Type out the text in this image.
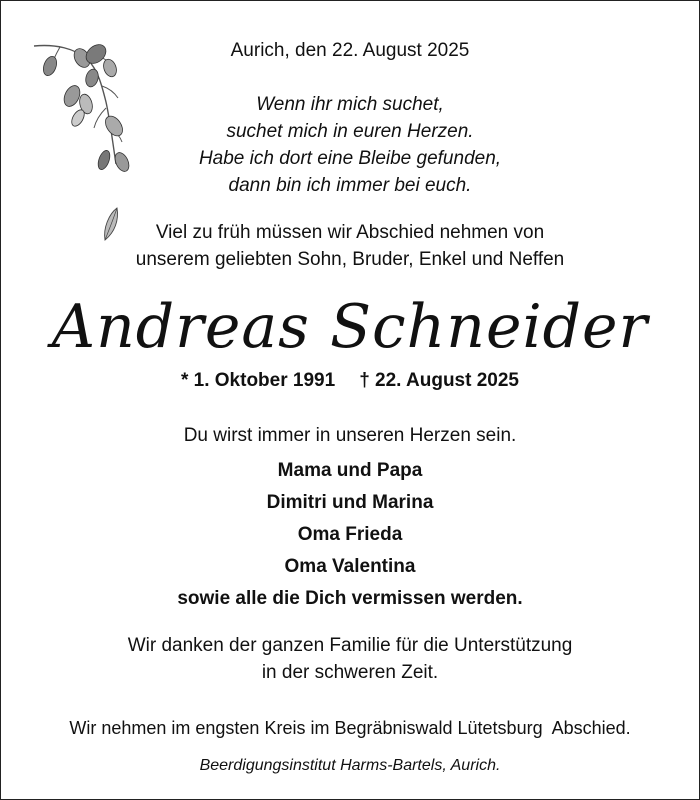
Aurich, den 22. August 2025
Wenn ihr mich suchet,
suchet mich in euren Herzen.
Habe ich dort eine Bleibe gefunden,
dann bin ich immer bei euch.
Viel zu früh müssen wir Abschied nehmen von
unserem geliebten Sohn, Bruder, Enkel und Neffen
Andreas Schneider
* 1. Oktober 1991 † 22. August 2025
Du wirst immer in unseren Herzen sein.
Mama und Papa
Dimitri und Marina
Oma Frieda
Oma Valentina
sowie alle die Dich vermissen werden.
Wir danken der ganzen Familie für die Unterstützung
in der schweren Zeit.
Wir nehmen im engsten Kreis im Begräbniswald Lütetsburg  Abschied.
Beerdigungsinstitut Harms-Bartels, Aurich.
